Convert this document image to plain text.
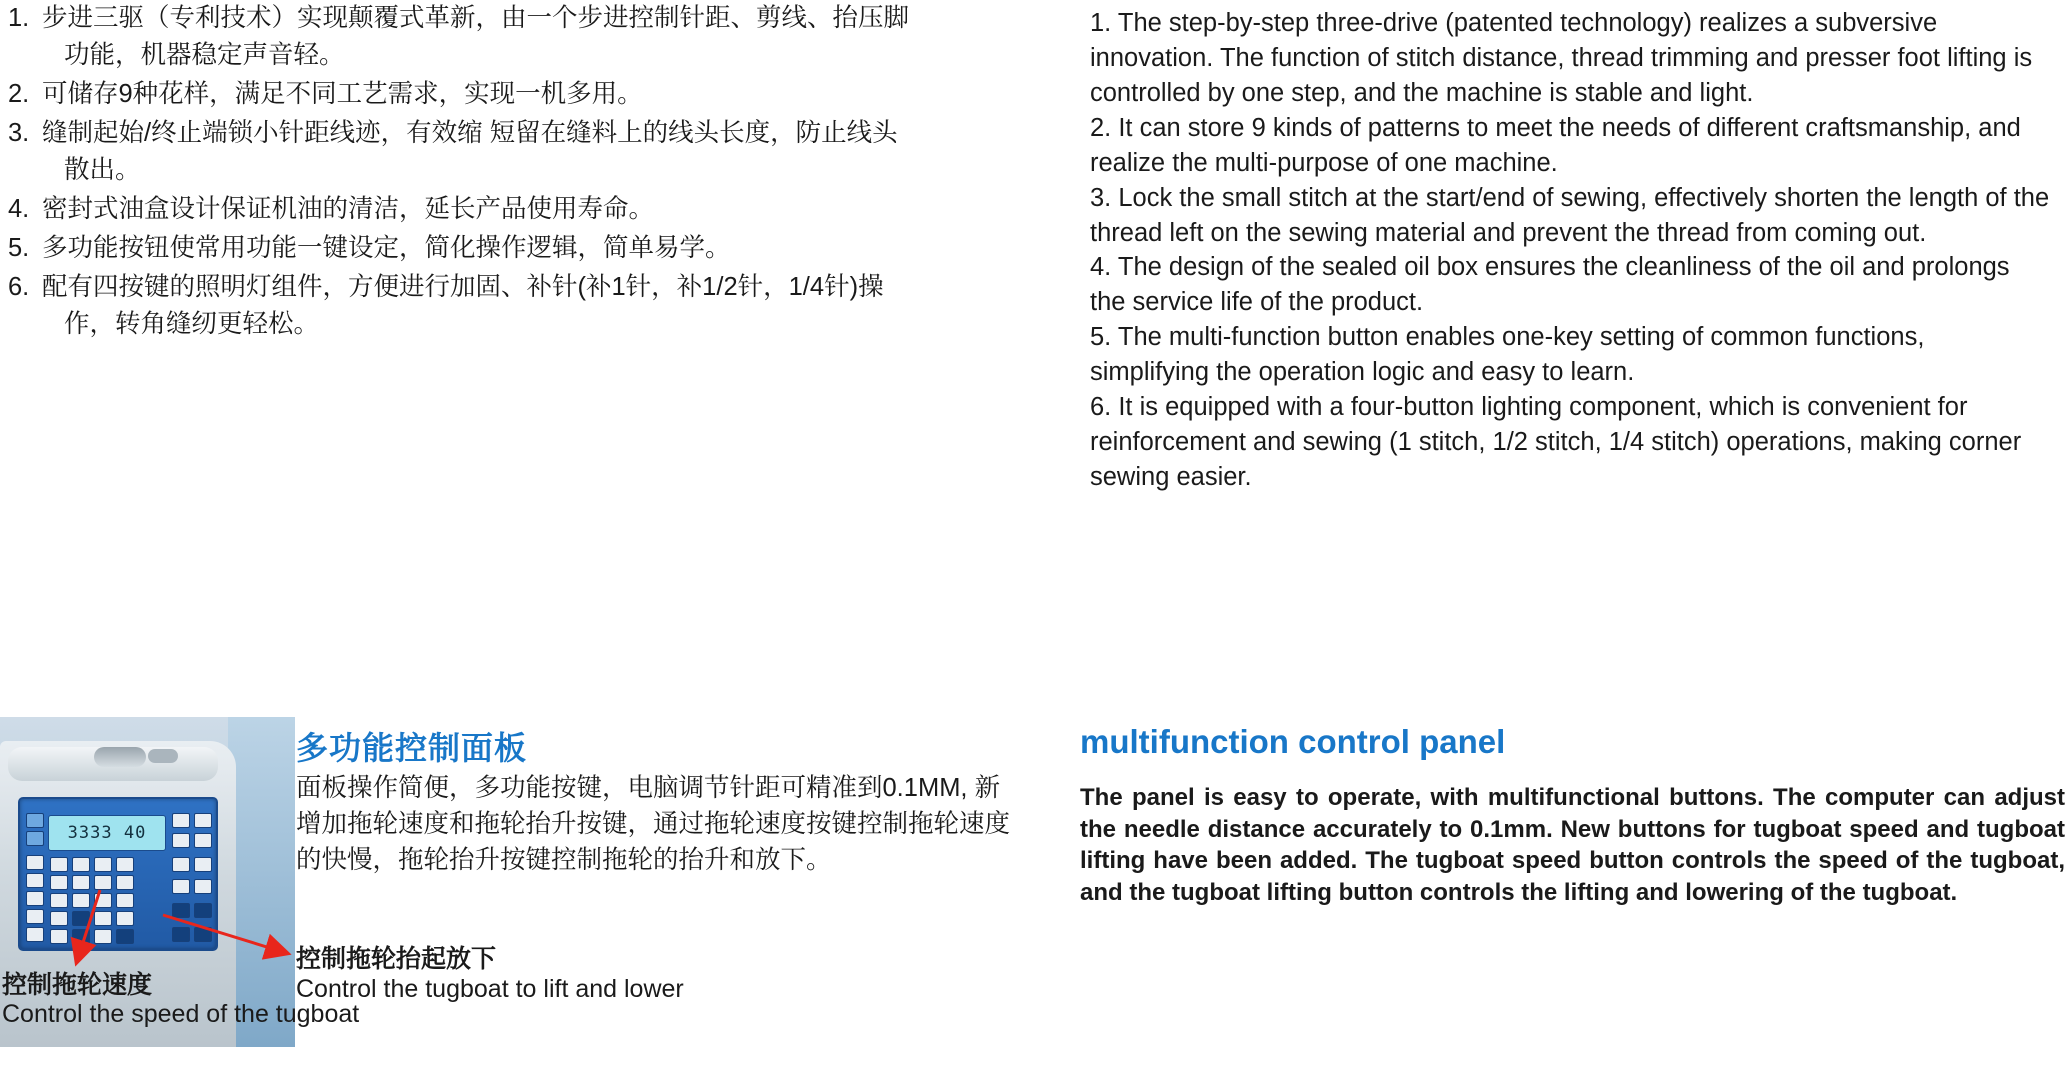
1. 步进三驱（专利技术）实现颠覆式革新，由一个步进控制针距、剪线、抬压脚
功能，机器稳定声音轻。
2. 可储存9种花样，满足不同工艺需求，实现一机多用。
3. 缝制起始/终止端锁小针距线迹，有效缩 短留在缝料上的线头长度，防止线头
散出。
4. 密封式油盒设计保证机油的清洁，延长产品使用寿命。
5. 多功能按钮使常用功能一键设定，简化操作逻辑，简单易学。
6. 配有四按键的照明灯组件，方便进行加固、补针(补1针，补1/2针，1/4针)操
作，转角缝纫更轻松。

1. The step-by-step three-drive (patented technology) realizes a subversive innovation. The function of stitch distance, thread trimming and presser foot lifting is controlled by one step, and the machine is stable and light.

2. It can store 9 kinds of patterns to meet the needs of different craftsmanship, and realize the multi-purpose of one machine.

3. Lock the small stitch at the start/end of sewing, effectively shorten the length of the thread left on the sewing material and prevent the thread from coming out.

4. The design of the sealed oil box ensures the cleanliness of the oil and prolongs the service life of the product.

5. The multi-function button enables one-key setting of common functions, simplifying the operation logic and easy to learn.

6. It is equipped with a four-button lighting component, which is convenient for reinforcement and sewing (1 stitch, 1/2 stitch, 1/4 stitch) operations, making corner sewing easier.

3333 40
控制拖轮速度
Control the speed of the tugboat
控制拖轮抬起放下
Control the tugboat to lift and lower
多功能控制面板
面板操作简便，多功能按键，电脑调节针距可精准到0.1MM, 新增加拖轮速度和拖轮抬升按键，通过拖轮速度按键控制拖轮速度的快慢，拖轮抬升按键控制拖轮的抬升和放下。
multifunction control panel
The panel is easy to operate, with multifunctional buttons. The computer can adjust the needle distance accurately to 0.1mm. New buttons for tugboat speed and tugboat lifting have been added. The tugboat speed button controls the speed of the tugboat, and the tugboat lifting button controls the lifting and lowering of the tugboat.
